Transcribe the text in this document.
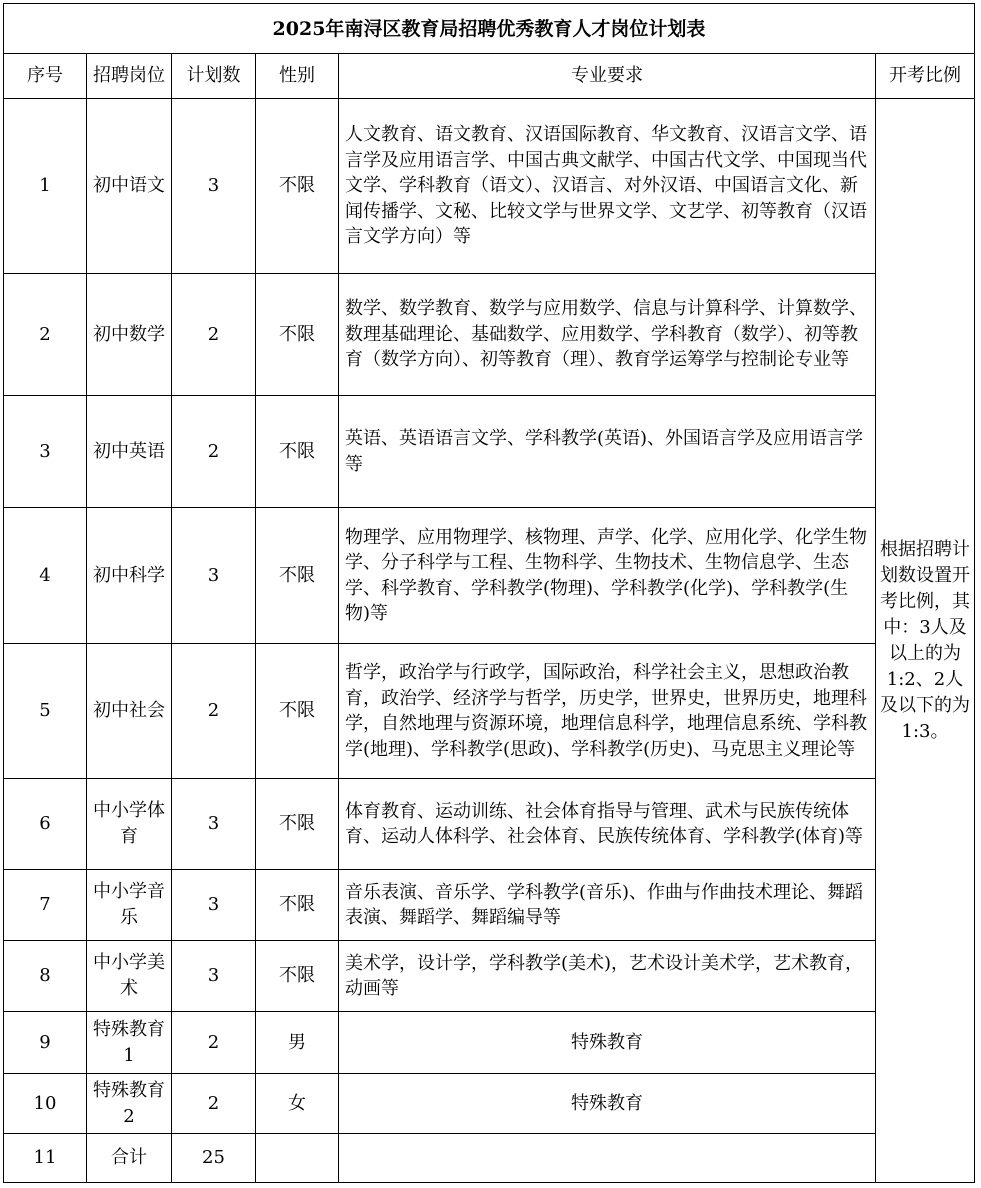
2025年南浔区教育局招聘优秀教育人才岗位计划表					
序号	招聘岗位	计划数	性别	专业要求	开考比例
1	初中语文	3	不限	人文教育、语文教育、汉语国际教育、华文教育、汉语言文学、语言学及应用语言学、中国古典文献学、中国古代文学、中国现当代文学、学科教育（语文）、汉语言、对外汉语、中国语言文化、新闻传播学、文秘、比较文学与世界文学、文艺学、初等教育（汉语言文学方向）等	根据招聘计划数设置开考比例，其中：3人及以上的为1:2、2人及以下的为1:3。
2	初中数学	2	不限	数学、数学教育、数学与应用数学、信息与计算科学、计算数学、数理基础理论、基础数学、应用数学、学科教育（数学）、初等教育（数学方向）、初等教育（理）、教育学运筹学与控制论专业等	
3	初中英语	2	不限	英语、英语语言文学、学科教学(英语)、外国语言学及应用语言学等	
4	初中科学	3	不限	物理学、应用物理学、核物理、声学、化学、应用化学、化学生物学、分子科学与工程、生物科学、生物技术、生物信息学、生态学、科学教育、学科教学(物理)、学科教学(化学)、学科教学(生物)等	
5	初中社会	2	不限	哲学，政治学与行政学，国际政治，科学社会主义，思想政治教育，政治学、经济学与哲学，历史学，世界史，世界历史，地理科学，自然地理与资源环境，地理信息科学，地理信息系统、学科教学(地理)、学科教学(思政)、学科教学(历史)、马克思主义理论等	
6	中小学体育	3	不限	体育教育、运动训练、社会体育指导与管理、武术与民族传统体育、运动人体科学、社会体育、民族传统体育、学科教学(体育)等	
7	中小学音乐	3	不限	音乐表演、音乐学、学科教学(音乐)、作曲与作曲技术理论、舞蹈表演、舞蹈学、舞蹈编导等	
8	中小学美术	3	不限	美术学，设计学，学科教学(美术)，艺术设计美术学，艺术教育，动画等	
9	特殊教育1	2	男	特殊教育	
10	特殊教育2	2	女	特殊教育	
11	合计	25			
